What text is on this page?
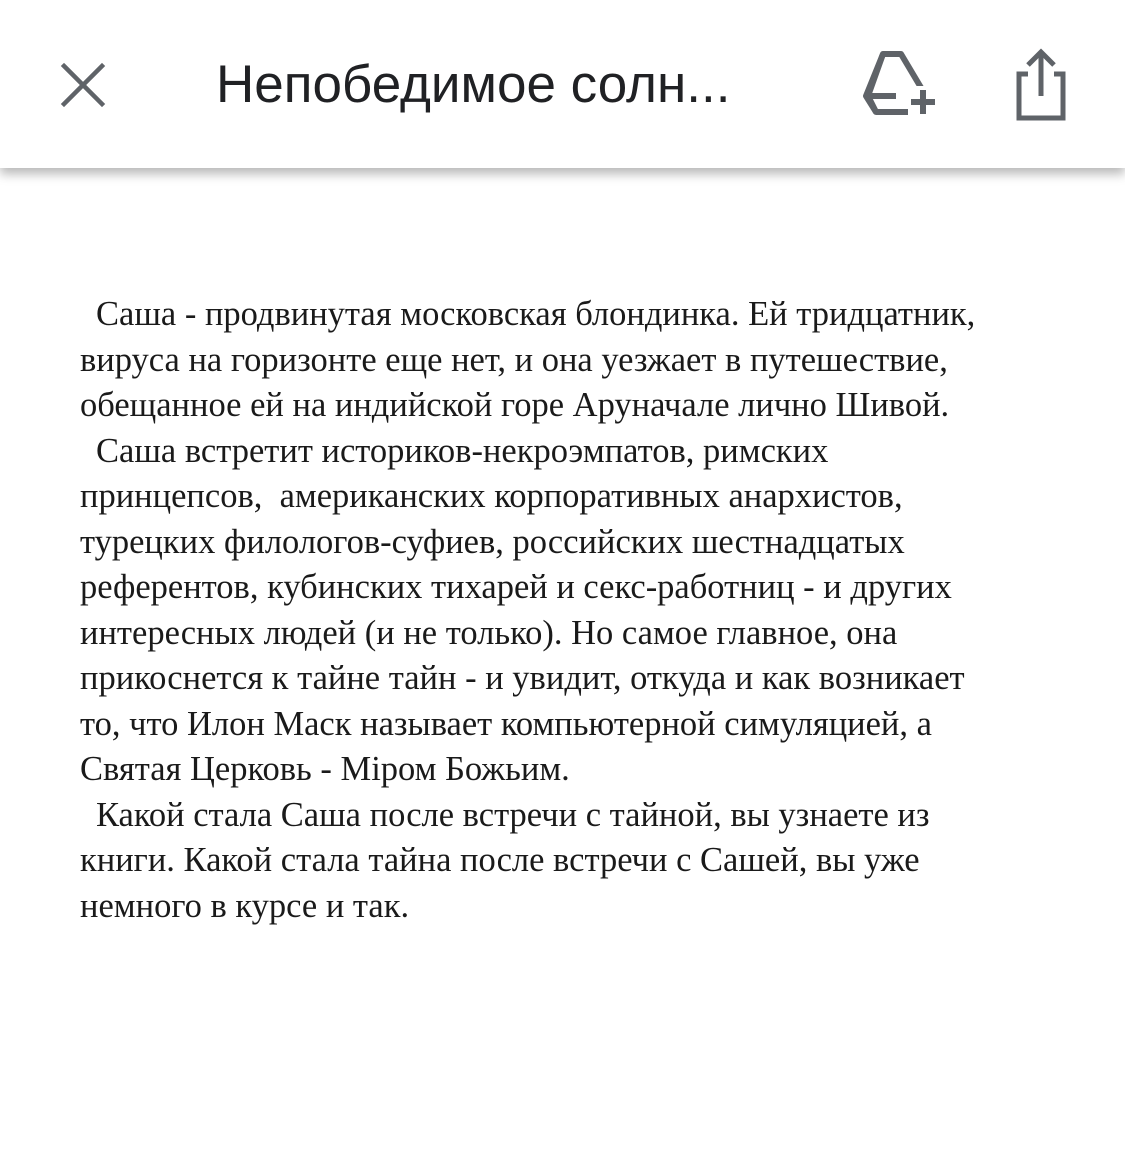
Непобедимое солн...
Саша - продвинутая московская блондинка. Ей тридцатник,
вируса на горизонте еще нет, и она уезжает в путешествие,
обещанное ей на индийской горе Аруначале лично Шивой.
Саша встретит историков-некроэмпатов, римских
принцепсов,  американских корпоративных анархистов,
турецких филологов-суфиев, российских шестнадцатых
референтов, кубинских тихарей и секс-работниц - и других
интересных людей (и не только). Но самое главное, она
прикоснется к тайне тайн - и увидит, откуда и как возникает
то, что Илон Маск называет компьютерной симуляцией, а
Святая Церковь - Міром Божьим.
Какой стала Саша после встречи с тайной, вы узнаете из
книги. Какой стала тайна после встречи с Сашей, вы уже
немного в курсе и так.
